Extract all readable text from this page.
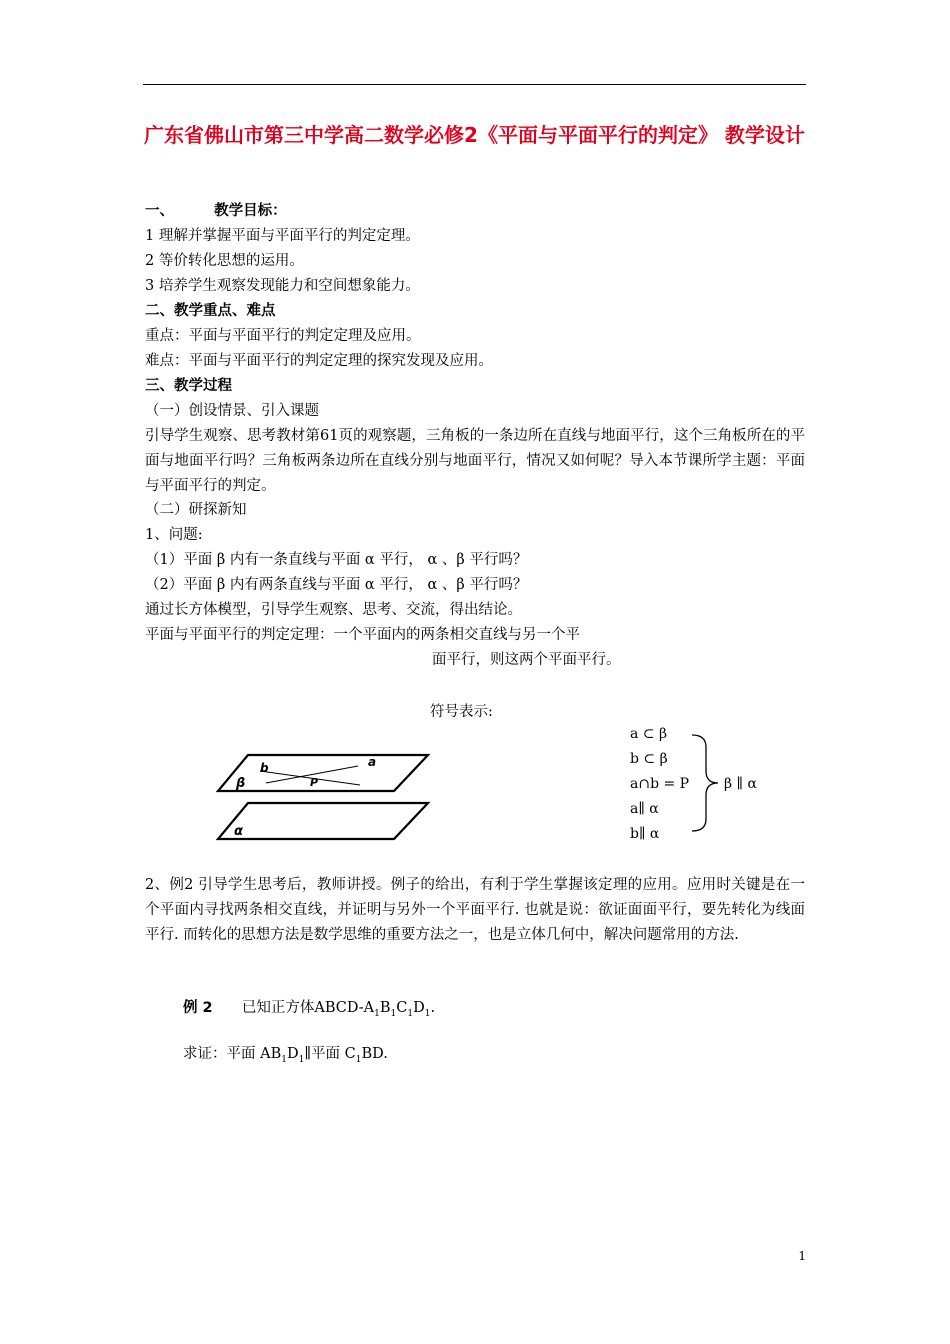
广东省佛山市第三中学高二数学必修2《平面与平面平行的判定》 教学设计
一、	教学目标：
1 理解并掌握平面与平面平行的判定定理。
2 等价转化思想的运用。
3 培养学生观察发现能力和空间想象能力。
二、教学重点、难点
重点：平面与平面平行的判定定理及应用。
难点：平面与平面平行的判定定理的探究发现及应用。
三、教学过程
（一）创设情景、引入课题
引导学生观察、思考教材第61页的观察题，三角板的一条边所在直线与地面平行，这个三角板所在的平面与地面平行吗？三角板两条边所在直线分别与地面平行，情况又如何呢？导入本节课所学主题：平面与平面平行的判定。
（二）研探新知
1、问题:
（1）平面 β 内有一条直线与平面 α 平行， α 、β 平行吗？
（2）平面 β 内有两条直线与平面 α 平行， α 、β 平行吗？
通过长方体模型，引导学生观察、思考、交流，得出结论。
平面与平面平行的判定定理：一个平面内的两条相交直线与另一个平
面平行，则这两个平面平行。
符号表示:
b	a
β	P
α
a ⊂ β
b ⊂ β
a∩b = P
a∥ α
b∥ α
β ∥ α
2、例2 引导学生思考后，教师讲授。例子的给出，有利于学生掌握该定理的应用。应用时关键是在一个平面内寻找两条相交直线，并证明与另外一个平面平行. 也就是说：欲证面面平行，要先转化为线面平行. 而转化的思想方法是数学思维的重要方法之一，也是立体几何中，解决问题常用的方法.
例 2 已知正方体ABCD-$A_1B_1C_1D_1$.
求证：平面 $AB_1D_1\parallel$平面 $C_1BD$.
1
